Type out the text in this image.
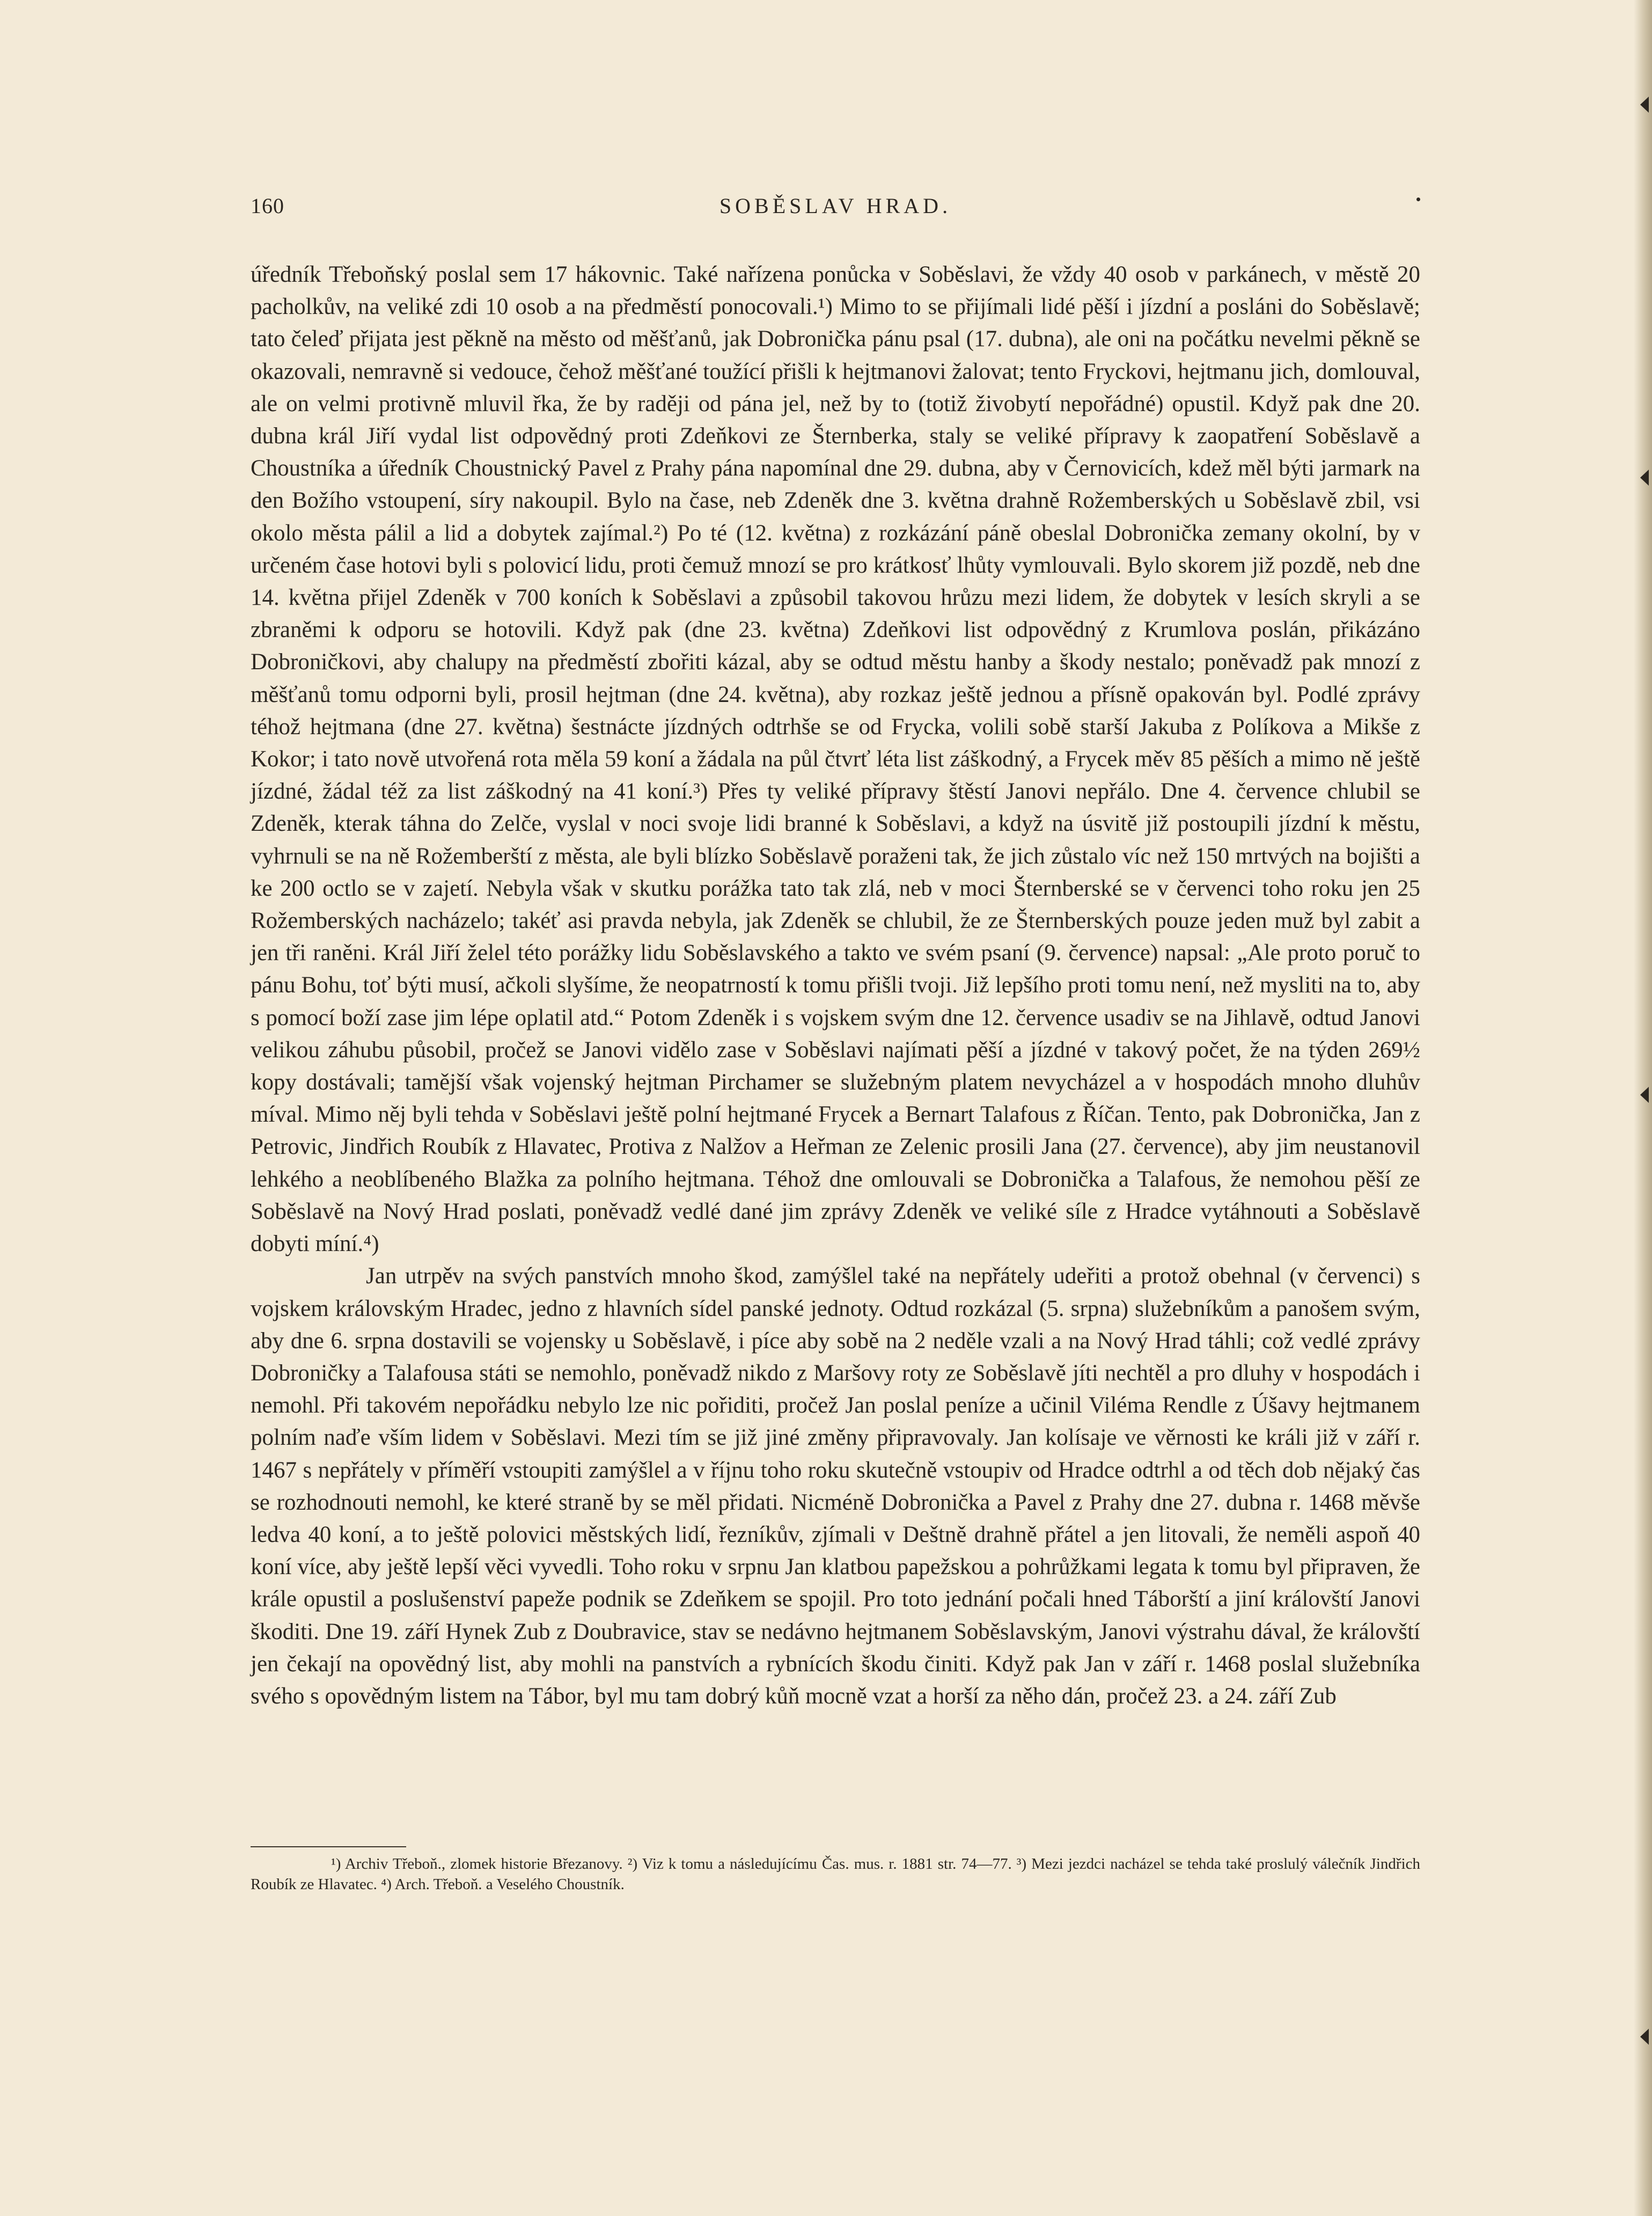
160	SOBĚSLAV HRAD.

úředník Třeboňský poslal sem 17 hákovnic. Také nařízena ponůcka v Soběslavi, že vždy 40 osob v parkánech, v městě 20 pacholkův, na veliké zdi 10 osob a na předměstí ponocovali.¹) Mimo to se přijímali lidé pěší i jízdní a posláni do Soběslavě; tato čeleď přijata jest pěkně na město od měšťanů, jak Dobronička pánu psal (17. dubna), ale oni na počátku nevelmi pěkně se okazovali, nemravně si vedouce, čehož měšťané toužící přišli k hejtmanovi žalovat; tento Fryckovi, hejtmanu jich, domlouval, ale on velmi protivně mluvil řka, že by raději od pána jel, než by to (totiž živobytí nepořádné) opustil. Když pak dne 20. dubna král Jiří vydal list odpovědný proti Zdeňkovi ze Šternberka, staly se veliké přípravy k zaopatření Soběslavě a Choustníka a úředník Choustnický Pavel z Prahy pána napomínal dne 29. dubna, aby v Černovicích, kdež měl býti jarmark na den Božího vstoupení, síry nakoupil. Bylo na čase, neb Zdeněk dne 3. května drahně Rožemberských u Soběslavě zbil, vsi okolo města pálil a lid a dobytek zajímal.²) Po té (12. května) z rozkázání páně obeslal Dobronička zemany okolní, by v určeném čase hotovi byli s polovicí lidu, proti čemuž mnozí se pro krátkosť lhůty vymlouvali. Bylo skorem již pozdě, neb dne 14. května přijel Zdeněk v 700 koních k Soběslavi a způsobil takovou hrůzu mezi lidem, že dobytek v lesích skryli a se zbraněmi k odporu se hotovili. Když pak (dne 23. května) Zdeňkovi list odpovědný z Krumlova poslán, přikázáno Dobroničkovi, aby chalupy na předměstí zbořiti kázal, aby se odtud městu hanby a škody nestalo; poněvadž pak mnozí z měšťanů tomu odporni byli, prosil hejtman (dne 24. května), aby rozkaz ještě jednou a přísně opakován byl. Podlé zprávy téhož hejtmana (dne 27. května) šestnácte jízdných odtrhše se od Frycka, volili sobě starší Jakuba z Políkova a Mikše z Kokor; i tato nově utvořená rota měla 59 koní a žádala na půl čtvrť léta list záškodný, a Frycek měv 85 pěších a mimo ně ještě jízdné, žádal též za list záškodný na 41 koní.³) Přes ty veliké přípravy štěstí Janovi nepřálo. Dne 4. července chlubil se Zdeněk, kterak táhna do Zelče, vyslal v noci svoje lidi branné k Soběslavi, a když na úsvitě již postoupili jízdní k městu, vyhrnuli se na ně Rožemberští z města, ale byli blízko Soběslavě poraženi tak, že jich zůstalo víc než 150 mrtvých na bojišti a ke 200 octlo se v zajetí. Nebyla však v skutku porážka tato tak zlá, neb v moci Šternberské se v červenci toho roku jen 25 Rožemberských nacházelo; takéť asi pravda nebyla, jak Zdeněk se chlubil, že ze Šternberských pouze jeden muž byl zabit a jen tři raněni. Král Jiří želel této porážky lidu Soběslavského a takto ve svém psaní (9. července) napsal: „Ale proto poruč to pánu Bohu, toť býti musí, ačkoli slyšíme, že neopatrností k tomu přišli tvoji. Již lepšího proti tomu není, než mysliti na to, aby s pomocí boží zase jim lépe oplatil atd.“ Potom Zdeněk i s vojskem svým dne 12. července usadiv se na Jihlavě, odtud Janovi velikou záhubu působil, pročež se Janovi vidělo zase v Soběslavi najímati pěší a jízdné v takový počet, že na týden 269½ kopy dostávali; tamější však vojenský hejtman Pirchamer se služebným platem nevycházel a v hospodách mnoho dluhův míval. Mimo něj byli tehda v Soběslavi ještě polní hejtmané Frycek a Bernart Talafous z Říčan. Tento, pak Dobronička, Jan z Petrovic, Jindřich Roubík z Hlavatec, Protiva z Nalžov a Heřman ze Zelenic prosili Jana (27. července), aby jim neustanovil lehkého a neoblíbeného Blažka za polního hejtmana. Téhož dne omlouvali se Dobronička a Talafous, že nemohou pěší ze Soběslavě na Nový Hrad poslati, poněvadž vedlé dané jim zprávy Zdeněk ve veliké síle z Hradce vytáhnouti a Soběslavě dobyti míní.⁴)

Jan utrpěv na svých panstvích mnoho škod, zamýšlel také na nepřátely udeřiti a protož obehnal (v červenci) s vojskem královským Hradec, jedno z hlavních sídel panské jednoty. Odtud rozkázal (5. srpna) služebníkům a panošem svým, aby dne 6. srpna dostavili se vojensky u Soběslavě, i píce aby sobě na 2 neděle vzali a na Nový Hrad táhli; což vedlé zprávy Dobroničky a Talafousa státi se nemohlo, poněvadž nikdo z Maršovy roty ze Soběslavě jíti nechtěl a pro dluhy v hospodách i nemohl. Při takovém nepořádku nebylo lze nic pořiditi, pročež Jan poslal peníze a učinil Viléma Rendle z Úšavy hejtmanem polním naďe vším lidem v Soběslavi. Mezi tím se již jiné změny připravovaly. Jan kolísaje ve věrnosti ke králi již v září r. 1467 s nepřátely v příměří vstoupiti zamýšlel a v říjnu toho roku skutečně vstoupiv od Hradce odtrhl a od těch dob nějaký čas se rozhodnouti nemohl, ke které straně by se měl přidati. Nicméně Dobronička a Pavel z Prahy dne 27. dubna r. 1468 měvše ledva 40 koní, a to ještě polovici městských lidí, řezníkův, zjímali v Deštně drahně přátel a jen litovali, že neměli aspoň 40 koní více, aby ještě lepší věci vyvedli. Toho roku v srpnu Jan klatbou papežskou a pohrůžkami legata k tomu byl připraven, že krále opustil a poslušenství papeže podnik se Zdeňkem se spojil. Pro toto jednání počali hned Táborští a jiní královští Janovi škoditi. Dne 19. září Hynek Zub z Doubravice, stav se nedávno hejtmanem Soběslavským, Janovi výstrahu dával, že královští jen čekají na opovědný list, aby mohli na panstvích a rybnících škodu činiti. Když pak Jan v září r. 1468 poslal služebníka svého s opovědným listem na Tábor, byl mu tam dobrý kůň mocně vzat a horší za něho dán, pročež 23. a 24. září Zub

¹) Archiv Třeboň., zlomek historie Březanovy. ²) Viz k tomu a následujícímu Čas. mus. r. 1881 str. 74—77. ³) Mezi jezdci nacházel se tehda také proslulý válečník Jindřich Roubík ze Hlavatec. ⁴) Arch. Třeboň. a Veselého Choustník.
